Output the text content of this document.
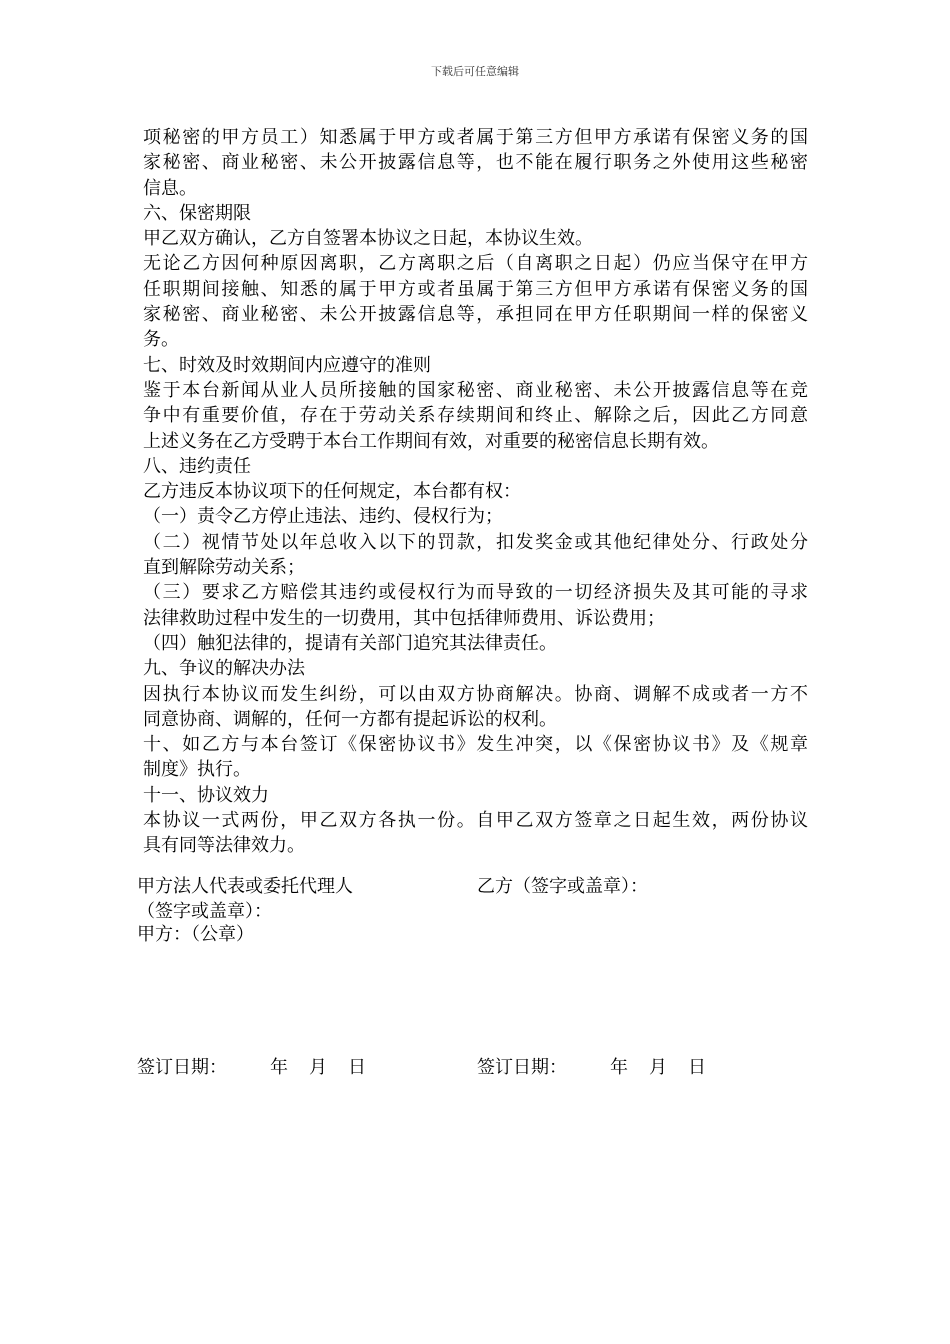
下载后可任意编辑
项秘密的甲方员工）知悉属于甲方或者属于第三方但甲方承诺有保密义务的国
家秘密、商业秘密、未公开披露信息等，也不能在履行职务之外使用这些秘密
信息。
六、保密期限
甲乙双方确认，乙方自签署本协议之日起，本协议生效。
无论乙方因何种原因离职，乙方离职之后（自离职之日起）仍应当保守在甲方
任职期间接触、知悉的属于甲方或者虽属于第三方但甲方承诺有保密义务的国
家秘密、商业秘密、未公开披露信息等，承担同在甲方任职期间一样的保密义
务。
七、时效及时效期间内应遵守的准则
鉴于本台新闻从业人员所接触的国家秘密、商业秘密、未公开披露信息等在竞
争中有重要价值，存在于劳动关系存续期间和终止、解除之后，因此乙方同意
上述义务在乙方受聘于本台工作期间有效，对重要的秘密信息长期有效。
八、违约责任
乙方违反本协议项下的任何规定，本台都有权：
（一）责令乙方停止违法、违约、侵权行为；
（二）视情节处以年总收入以下的罚款，扣发奖金或其他纪律处分、行政处分
直到解除劳动关系；
（三）要求乙方赔偿其违约或侵权行为而导致的一切经济损失及其可能的寻求
法律救助过程中发生的一切费用，其中包括律师费用、诉讼费用；
（四）触犯法律的，提请有关部门追究其法律责任。
九、争议的解决办法
因执行本协议而发生纠纷，可以由双方协商解决。协商、调解不成或者一方不
同意协商、调解的，任何一方都有提起诉讼的权利。
十、如乙方与本台签订《保密协议书》发生冲突，以《保密协议书》及《规章
制度》执行。
十一、协议效力
本协议一式两份，甲乙双方各执一份。自甲乙双方签章之日起生效，两份协议
具有同等法律效力。
甲方法人代表或委托代理人
（签字或盖章）：
甲方：（公章）
乙方（签字或盖章）：
签订日期： 年 月 日	签订日期： 年 月 日
